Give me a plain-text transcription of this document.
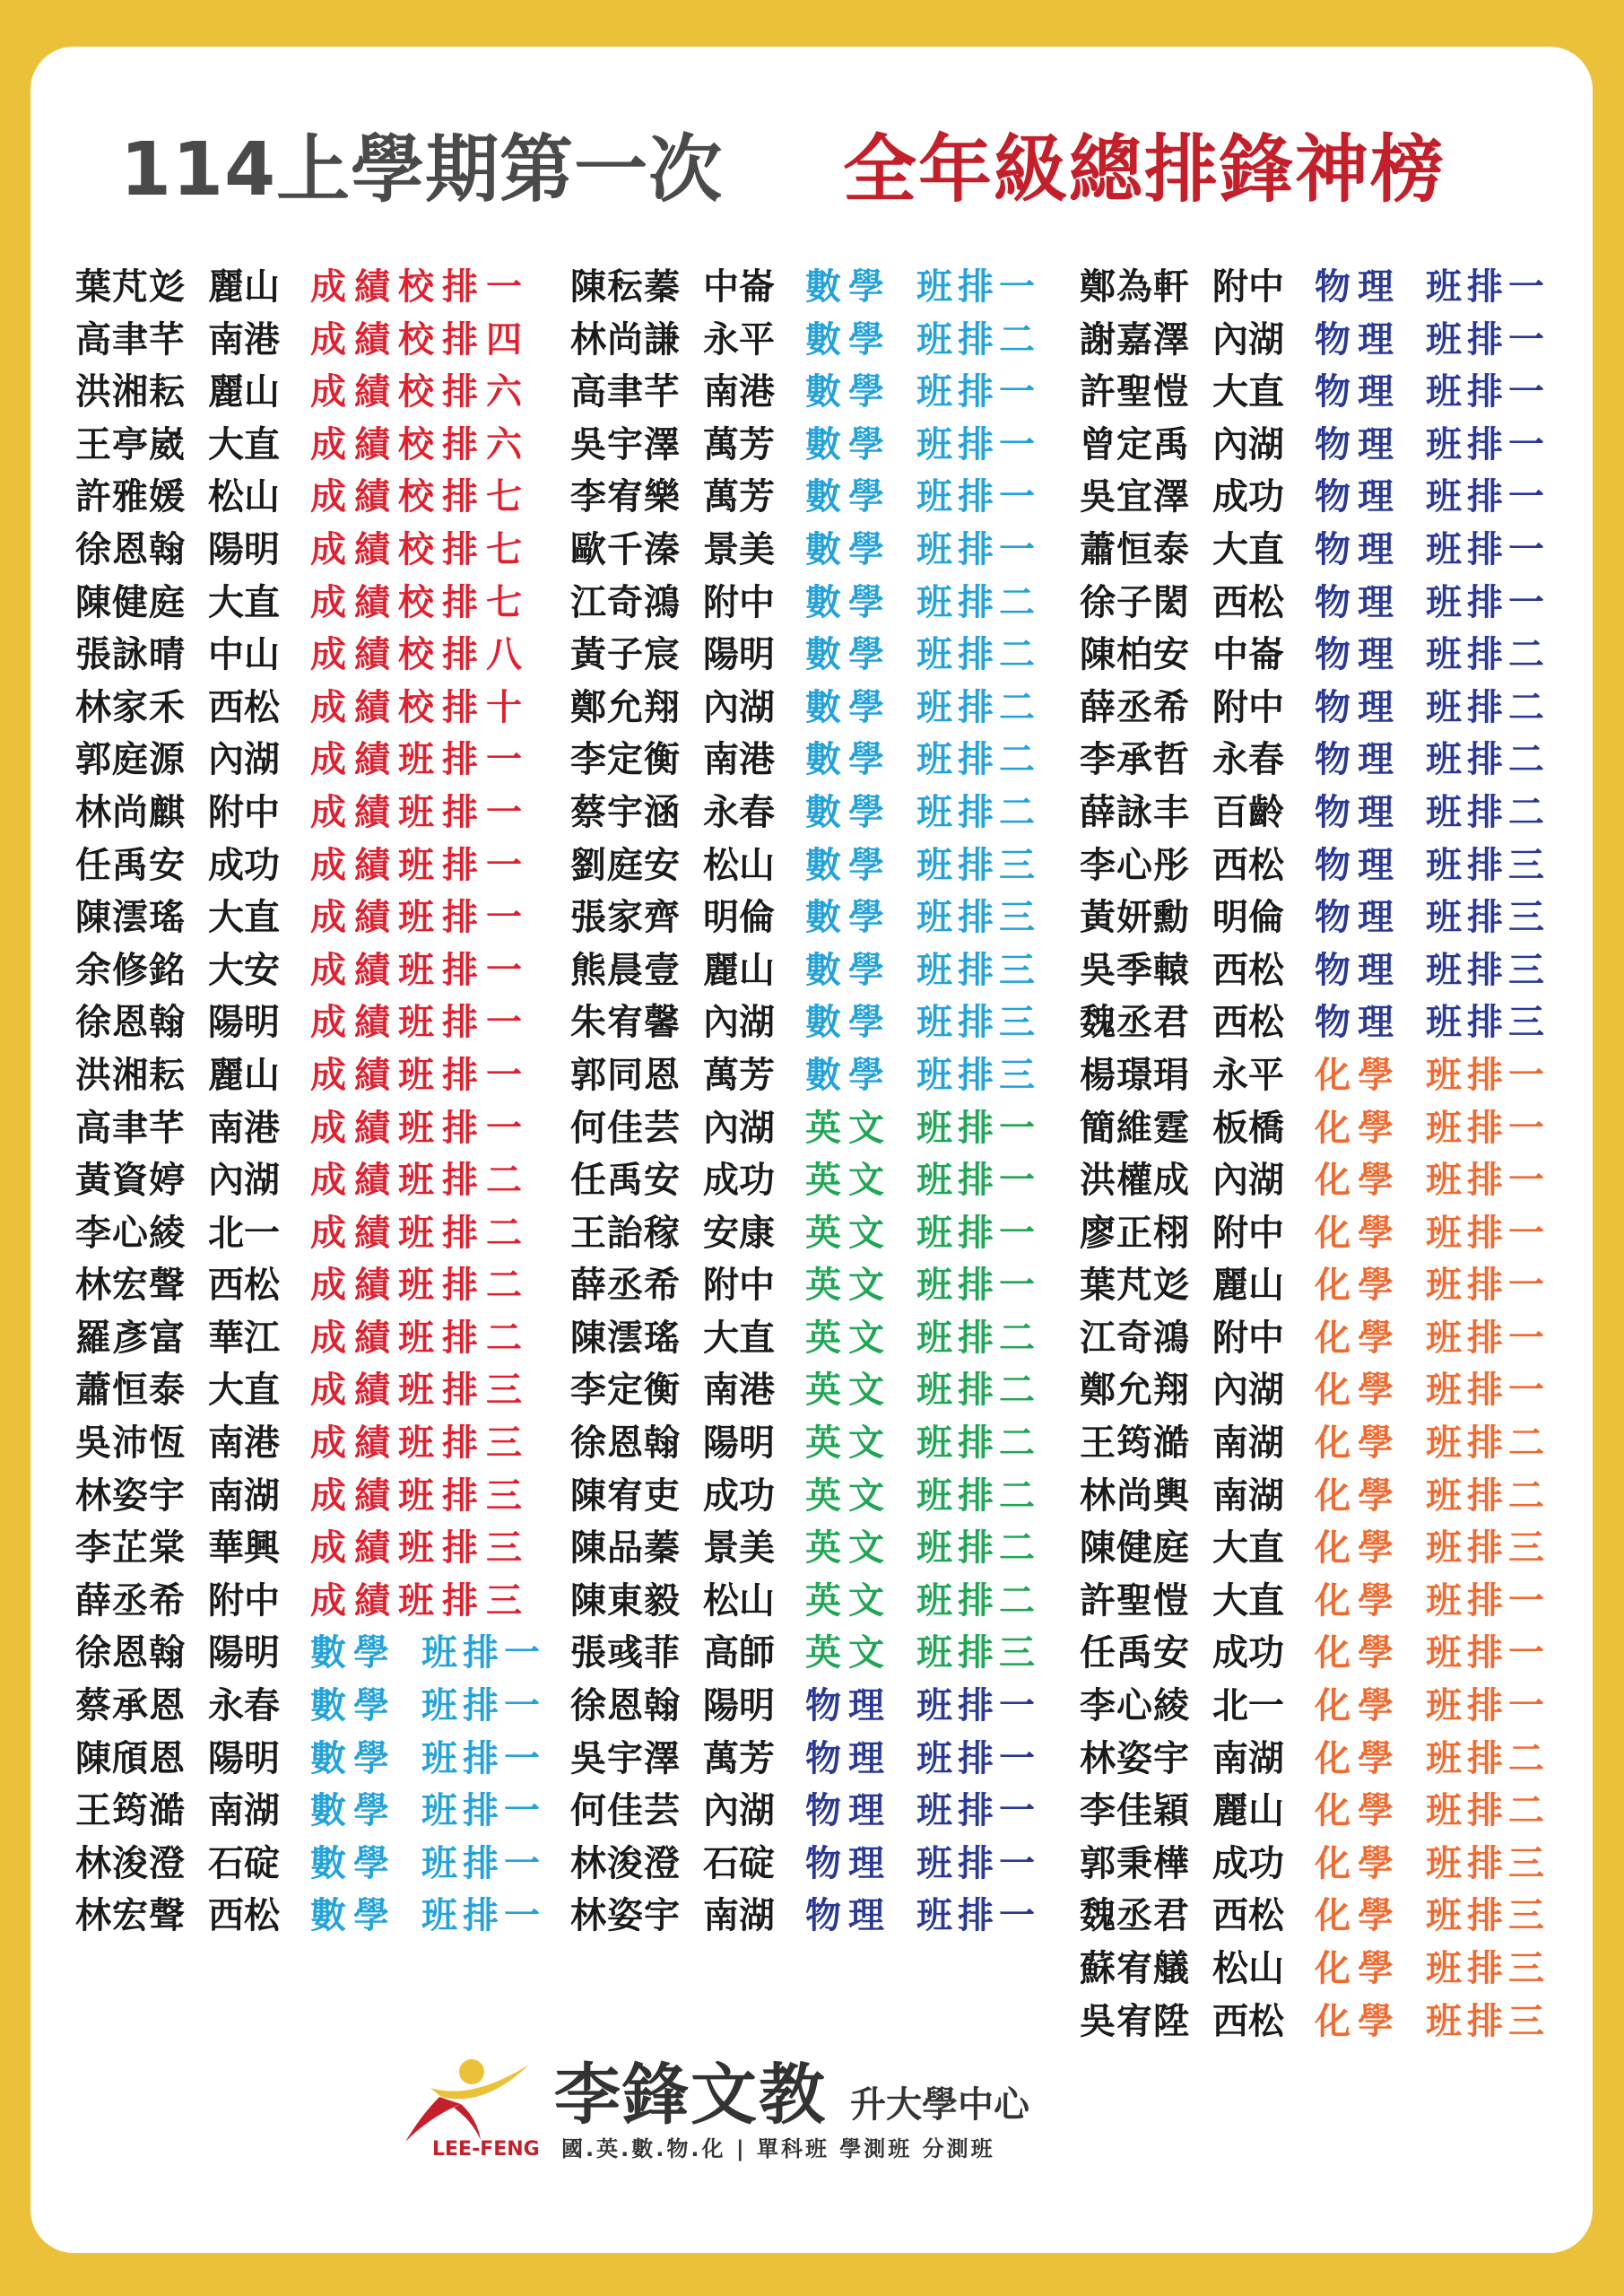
114上學期第一次 全年級總排鋒神榜
葉芃彣 麗山 成績校排一
高聿芊 南港 成績校排四
洪湘耘 麗山 成績校排六
王亭崴 大直 成績校排六
許雅媛 松山 成績校排七
徐恩翰 陽明 成績校排七
陳健庭 大直 成績校排七
張詠晴 中山 成績校排八
林家禾 西松 成績校排十
郭庭源 內湖 成績班排一
林尚麒 附中 成績班排一
任禹安 成功 成績班排一
陳澐瑤 大直 成績班排一
余修銘 大安 成績班排一
徐恩翰 陽明 成績班排一
洪湘耘 麗山 成績班排一
高聿芊 南港 成績班排一
黃資婷 內湖 成績班排二
李心綾 北一 成績班排二
林宏聲 西松 成績班排二
羅彥富 華江 成績班排二
蕭恒泰 大直 成績班排三
吳沛恆 南港 成績班排三
林姿宇 南湖 成績班排三
李芷棠 華興 成績班排三
薛丞希 附中 成績班排三
徐恩翰 陽明 數學 班排一
蔡承恩 永春 數學 班排一
陳頎恩 陽明 數學 班排一
王筠澔 南湖 數學 班排一
林浚澄 石碇 數學 班排一
林宏聲 西松 數學 班排一
陳秐蓁 中崙 數學 班排一
林尚謙 永平 數學 班排二
高聿芊 南港 數學 班排一
吳宇澤 萬芳 數學 班排一
李宥樂 萬芳 數學 班排一
歐千溱 景美 數學 班排一
江奇鴻 附中 數學 班排二
黃子宸 陽明 數學 班排二
鄭允翔 內湖 數學 班排二
李定衡 南港 數學 班排二
蔡宇涵 永春 數學 班排二
劉庭安 松山 數學 班排三
張家齊 明倫 數學 班排三
熊晨壹 麗山 數學 班排三
朱宥馨 內湖 數學 班排三
郭同恩 萬芳 數學 班排三
何佳芸 內湖 英文 班排一
任禹安 成功 英文 班排一
王詒稼 安康 英文 班排一
薛丞希 附中 英文 班排一
陳澐瑤 大直 英文 班排二
李定衡 南港 英文 班排二
徐恩翰 陽明 英文 班排二
陳宥吏 成功 英文 班排二
陳品蓁 景美 英文 班排二
陳東毅 松山 英文 班排二
張彧菲 高師 英文 班排三
徐恩翰 陽明 物理 班排一
吳宇澤 萬芳 物理 班排一
何佳芸 內湖 物理 班排一
林浚澄 石碇 物理 班排一
林姿宇 南湖 物理 班排一
鄭為軒 附中 物理 班排一
謝嘉澤 內湖 物理 班排一
許聖愷 大直 物理 班排一
曾定禹 內湖 物理 班排一
吳宜澤 成功 物理 班排一
蕭恒泰 大直 物理 班排一
徐子閎 西松 物理 班排一
陳柏安 中崙 物理 班排二
薛丞希 附中 物理 班排二
李承哲 永春 物理 班排二
薛詠丰 百齡 物理 班排二
李心彤 西松 物理 班排三
黃妍勳 明倫 物理 班排三
吳季轅 西松 物理 班排三
魏丞君 西松 物理 班排三
楊璟琄 永平 化學 班排一
簡維霆 板橋 化學 班排一
洪權成 內湖 化學 班排一
廖正栩 附中 化學 班排一
葉芃彣 麗山 化學 班排一
江奇鴻 附中 化學 班排一
鄭允翔 內湖 化學 班排一
王筠澔 南湖 化學 班排二
林尚輿 南湖 化學 班排二
陳健庭 大直 化學 班排三
許聖愷 大直 化學 班排一
任禹安 成功 化學 班排一
李心綾 北一 化學 班排一
林姿宇 南湖 化學 班排二
李佳穎 麗山 化學 班排二
郭秉樺 成功 化學 班排三
魏丞君 西松 化學 班排三
蘇宥艤 松山 化學 班排三
吳宥陞 西松 化學 班排三
李鋒文教 升大學中心
LEE-FENG 國.英.數.物.化 | 單科班 學測班 分測班
